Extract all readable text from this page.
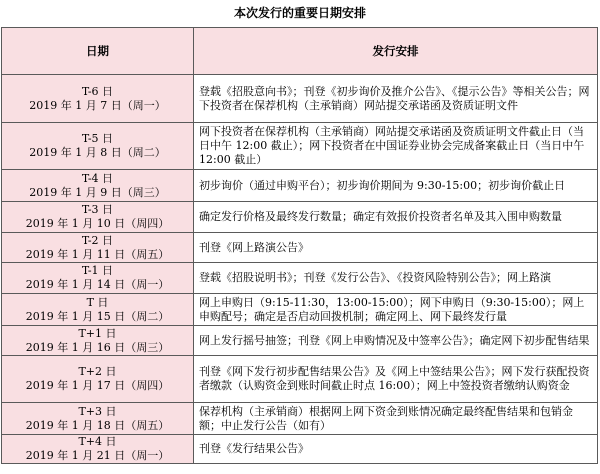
本次发行的重要日期安排
日期	发行安排

T-6 日
2019 年 1 月 7 日（周一）	登载《招股意向书》；刊登《初步询价及推介公告》、《提示公告》等相关公告；网下投资者在保荐机构（主承销商）网站提交承诺函及资质证明文件

T-5 日
2019 年 1 月 8 日（周二）	网下投资者在保荐机构（主承销商）网站提交承诺函及资质证明文件截止日（当日中午 12:00 截止）；网下投资者在中国证券业协会完成备案截止日（当日中午 12:00 截止）

T-4 日
2019 年 1 月 9 日（周三）	初步询价（通过申购平台）；初步询价期间为 9:30-15:00；初步询价截止日

T-3 日
2019 年 1 月 10 日（周四）	确定发行价格及最终发行数量；确定有效报价投资者名单及其入围申购数量

T-2 日
2019 年 1 月 11 日（周五）	刊登《网上路演公告》

T-1 日
2019 年 1 月 14 日（周一）	登载《招股说明书》；刊登《发行公告》、《投资风险特别公告》；网上路演

T 日
2019 年 1 月 15 日（周二）	网上申购日（9:15-11:30，13:00-15:00）；网下申购日（9:30-15:00）；网上申购配号；确定是否启动回拨机制；确定网上、网下最终发行量

T+1 日
2019 年 1 月 16 日（周三）	网上发行摇号抽签；刊登《网上申购情况及中签率公告》；确定网下初步配售结果

T+2 日
2019 年 1 月 17 日（周四）	刊登《网下发行初步配售结果公告》及《网上中签结果公告》；网下发行获配投资者缴款（认购资金到账时间截止时点 16:00）；网上中签投资者缴纳认购资金

T+3 日
2019 年 1 月 18 日（周五）	保荐机构（主承销商）根据网上网下资金到账情况确定最终配售结果和包销金额；中止发行公告（如有）

T+4 日
2019 年 1 月 21 日（周一）	刊登《发行结果公告》
